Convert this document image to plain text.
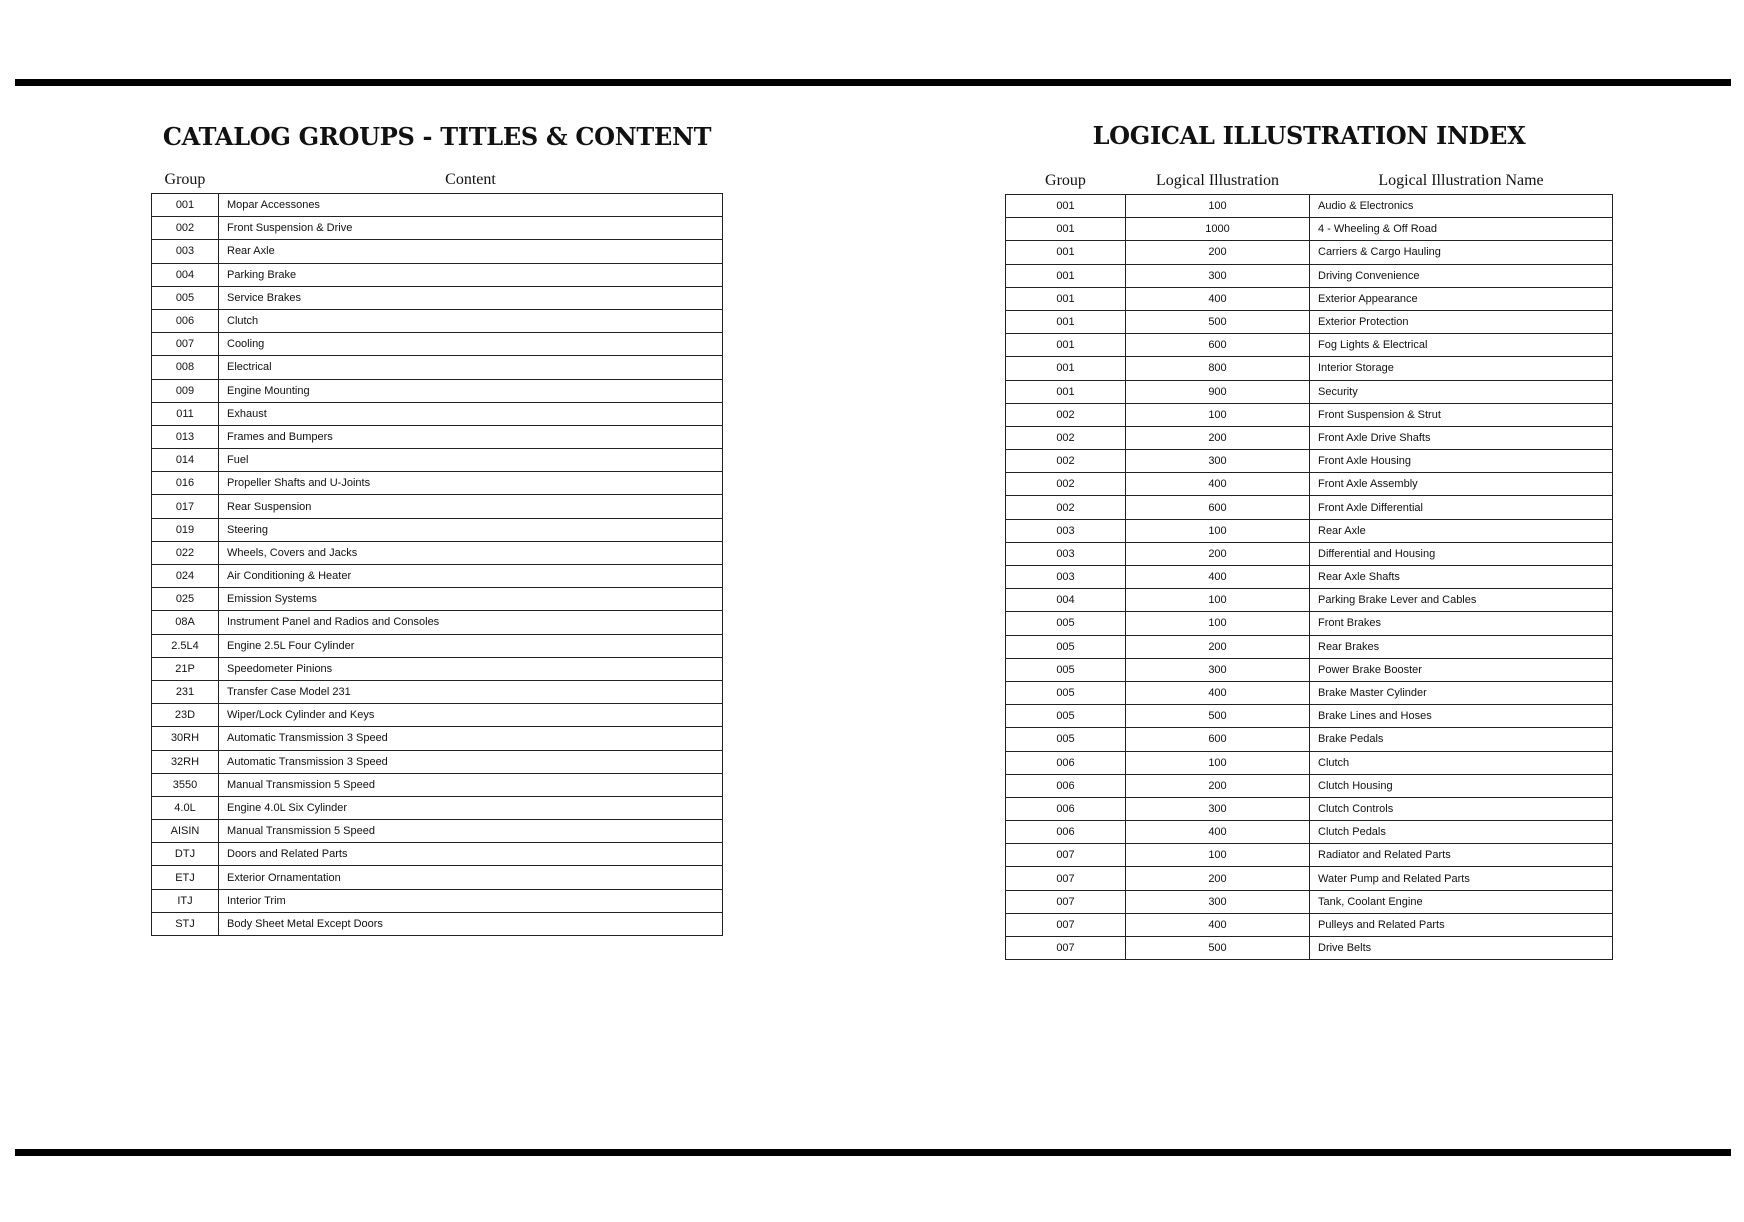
CATALOG GROUPS - TITLES & CONTENT
Group	Content
001	Mopar Accessones
002	Front Suspension & Drive
003	Rear Axle
004	Parking Brake
005	Service Brakes
006	Clutch
007	Cooling
008	Electrical
009	Engine Mounting
011	Exhaust
013	Frames and Bumpers
014	Fuel
016	Propeller Shafts and U-Joints
017	Rear Suspension
019	Steering
022	Wheels, Covers and Jacks
024	Air Conditioning & Heater
025	Emission Systems
08A	Instrument Panel and Radios and Consoles
2.5L4	Engine 2.5L Four Cylinder
21P	Speedometer Pinions
231	Transfer Case Model 231
23D	Wiper/Lock Cylinder and Keys
30RH	Automatic Transmission 3 Speed
32RH	Automatic Transmission 3 Speed
3550	Manual Transmission 5 Speed
4.0L	Engine 4.0L Six Cylinder
AISIN	Manual Transmission 5 Speed
DTJ	Doors and Related Parts
ETJ	Exterior Ornamentation
ITJ	Interior Trim
STJ	Body Sheet Metal Except Doors
LOGICAL ILLUSTRATION INDEX
Group	Logical Illustration	Logical Illustration Name
001	100	Audio & Electronics
001	1000	4 - Wheeling & Off Road
001	200	Carriers & Cargo Hauling
001	300	Driving Convenience
001	400	Exterior Appearance
001	500	Exterior Protection
001	600	Fog Lights & Electrical
001	800	Interior Storage
001	900	Security
002	100	Front Suspension & Strut
002	200	Front Axle Drive Shafts
002	300	Front Axle Housing
002	400	Front Axle Assembly
002	600	Front Axle Differential
003	100	Rear Axle
003	200	Differential and Housing
003	400	Rear Axle Shafts
004	100	Parking Brake Lever and Cables
005	100	Front Brakes
005	200	Rear Brakes
005	300	Power Brake Booster
005	400	Brake Master Cylinder
005	500	Brake Lines and Hoses
005	600	Brake Pedals
006	100	Clutch
006	200	Clutch Housing
006	300	Clutch Controls
006	400	Clutch Pedals
007	100	Radiator and Related Parts
007	200	Water Pump and Related Parts
007	300	Tank, Coolant Engine
007	400	Pulleys and Related Parts
007	500	Drive Belts
